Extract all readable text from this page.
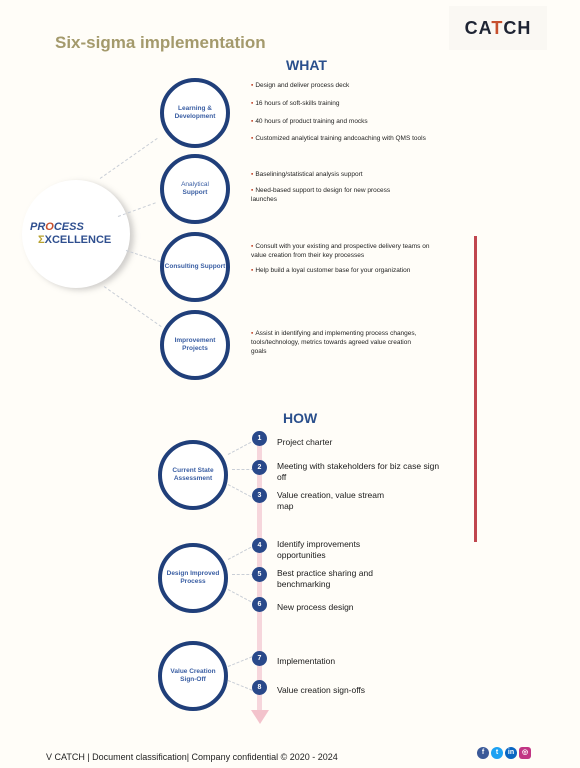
Six-sigma implementation
CATCH
WHAT
PROCESS
ΣXCELLENCE
Learning & Development
Analytical
Support
Consulting Support
Improvement Projects
▪ Design and deliver process deck
▪ 16 hours of soft-skills training
▪ 40 hours of product training and mocks
▪ Customized analytical training andcoaching with QMS tools
▪ Baselining/statistical analysis support
▪ Need-based support to design for new process launches
▪ Consult with your existing and prospective delivery teams on value creation from their key processes
▪ Help build a loyal customer base for your organization
▪ Assist in identifying and implementing process changes, tools/technology, metrics towards agreed value creation goals
HOW
Current State Assessment
Design Improved Process
Value Creation Sign-Off
1	Project charter
2	Meeting with stakeholders for biz case sign off
3	Value creation, value stream map
4	Identify improvements opportunities
5	Best practice sharing and benchmarking
6	New process design
7	Implementation
8	Value creation sign-offs
V CATCH | Document classification| Company confidential © 2020 - 2024	f	t	in	◎
